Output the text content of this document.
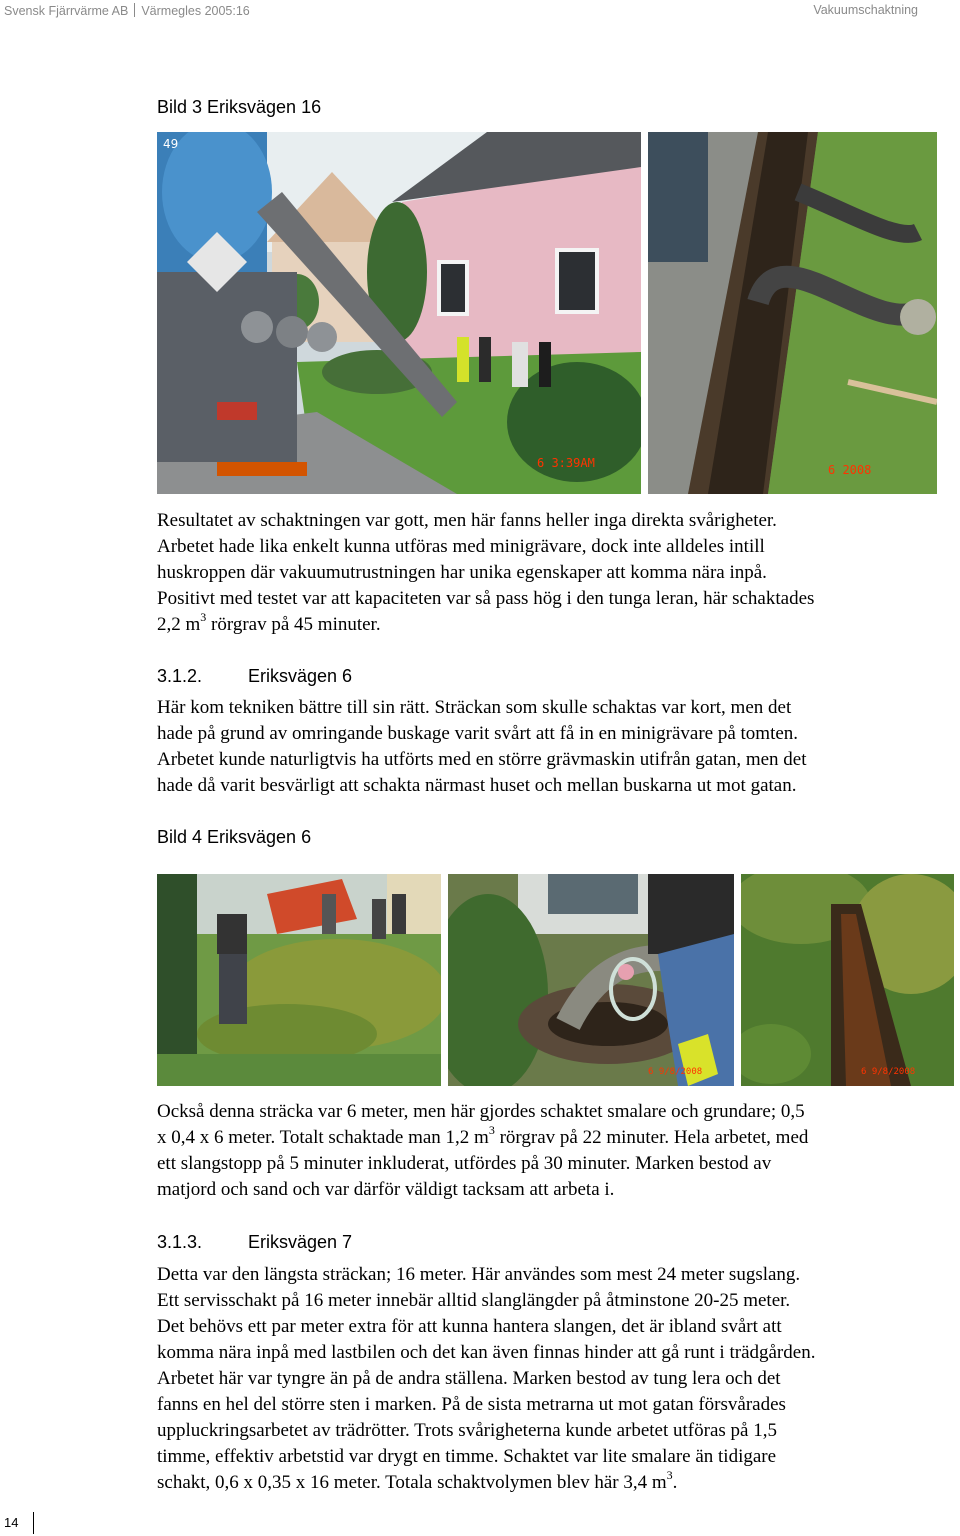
Svensk Fjärrvärme AB Värmegles 2005:16	Vakuumschaktning
Bild 3 Eriksvägen 16
49
6 3:39AM	6 2008
Resultatet av schaktningen var gott, men här fanns heller inga direkta svårigheter.
Arbetet hade lika enkelt kunna utföras med minigrävare, dock inte alldeles intill
huskroppen där vakuumutrustningen har unika egenskaper att komma nära inpå.
Positivt med testet var att kapaciteten var så pass hög i den tunga leran, här schaktades
2,2 $m^3$ rörgrav på 45 minuter.
3.1.2.	Eriksvägen 6
Här kom tekniken bättre till sin rätt. Sträckan som skulle schaktas var kort, men det
hade på grund av omringande buskage varit svårt att få in en minigrävare på tomten.
Arbetet kunde naturligtvis ha utförts med en större grävmaskin utifrån gatan, men det
hade då varit besvärligt att schakta närmast huset och mellan buskarna ut mot gatan.
Bild 4 Eriksvägen 6
6 9/8/2008	6 9/8/2008
Också denna sträcka var 6 meter, men här gjordes schaktet smalare och grundare; 0,5
x 0,4 x 6 meter. Totalt schaktade man 1,2 $m^3$ rörgrav på 22 minuter. Hela arbetet, med
ett slangstopp på 5 minuter inkluderat, utfördes på 30 minuter. Marken bestod av
matjord och sand och var därför väldigt tacksam att arbeta i.
3.1.3.	Eriksvägen 7
Detta var den längsta sträckan; 16 meter. Här användes som mest 24 meter sugslang.
Ett servisschakt på 16 meter innebär alltid slanglängder på åtminstone 20-25 meter.
Det behövs ett par meter extra för att kunna hantera slangen, det är ibland svårt att
komma nära inpå med lastbilen och det kan även finnas hinder att gå runt i trädgården.
Arbetet här var tyngre än på de andra ställena. Marken bestod av tung lera och det
fanns en hel del större sten i marken. På de sista metrarna ut mot gatan försvårades
uppluckringsarbetet av trädrötter. Trots svårigheterna kunde arbetet utföras på 1,5
timme, effektiv arbetstid var drygt en timme. Schaktet var lite smalare än tidigare
schakt, 0,6 x 0,35 x 16 meter. Totala schaktvolymen blev här 3,4 $m^3$.
14
